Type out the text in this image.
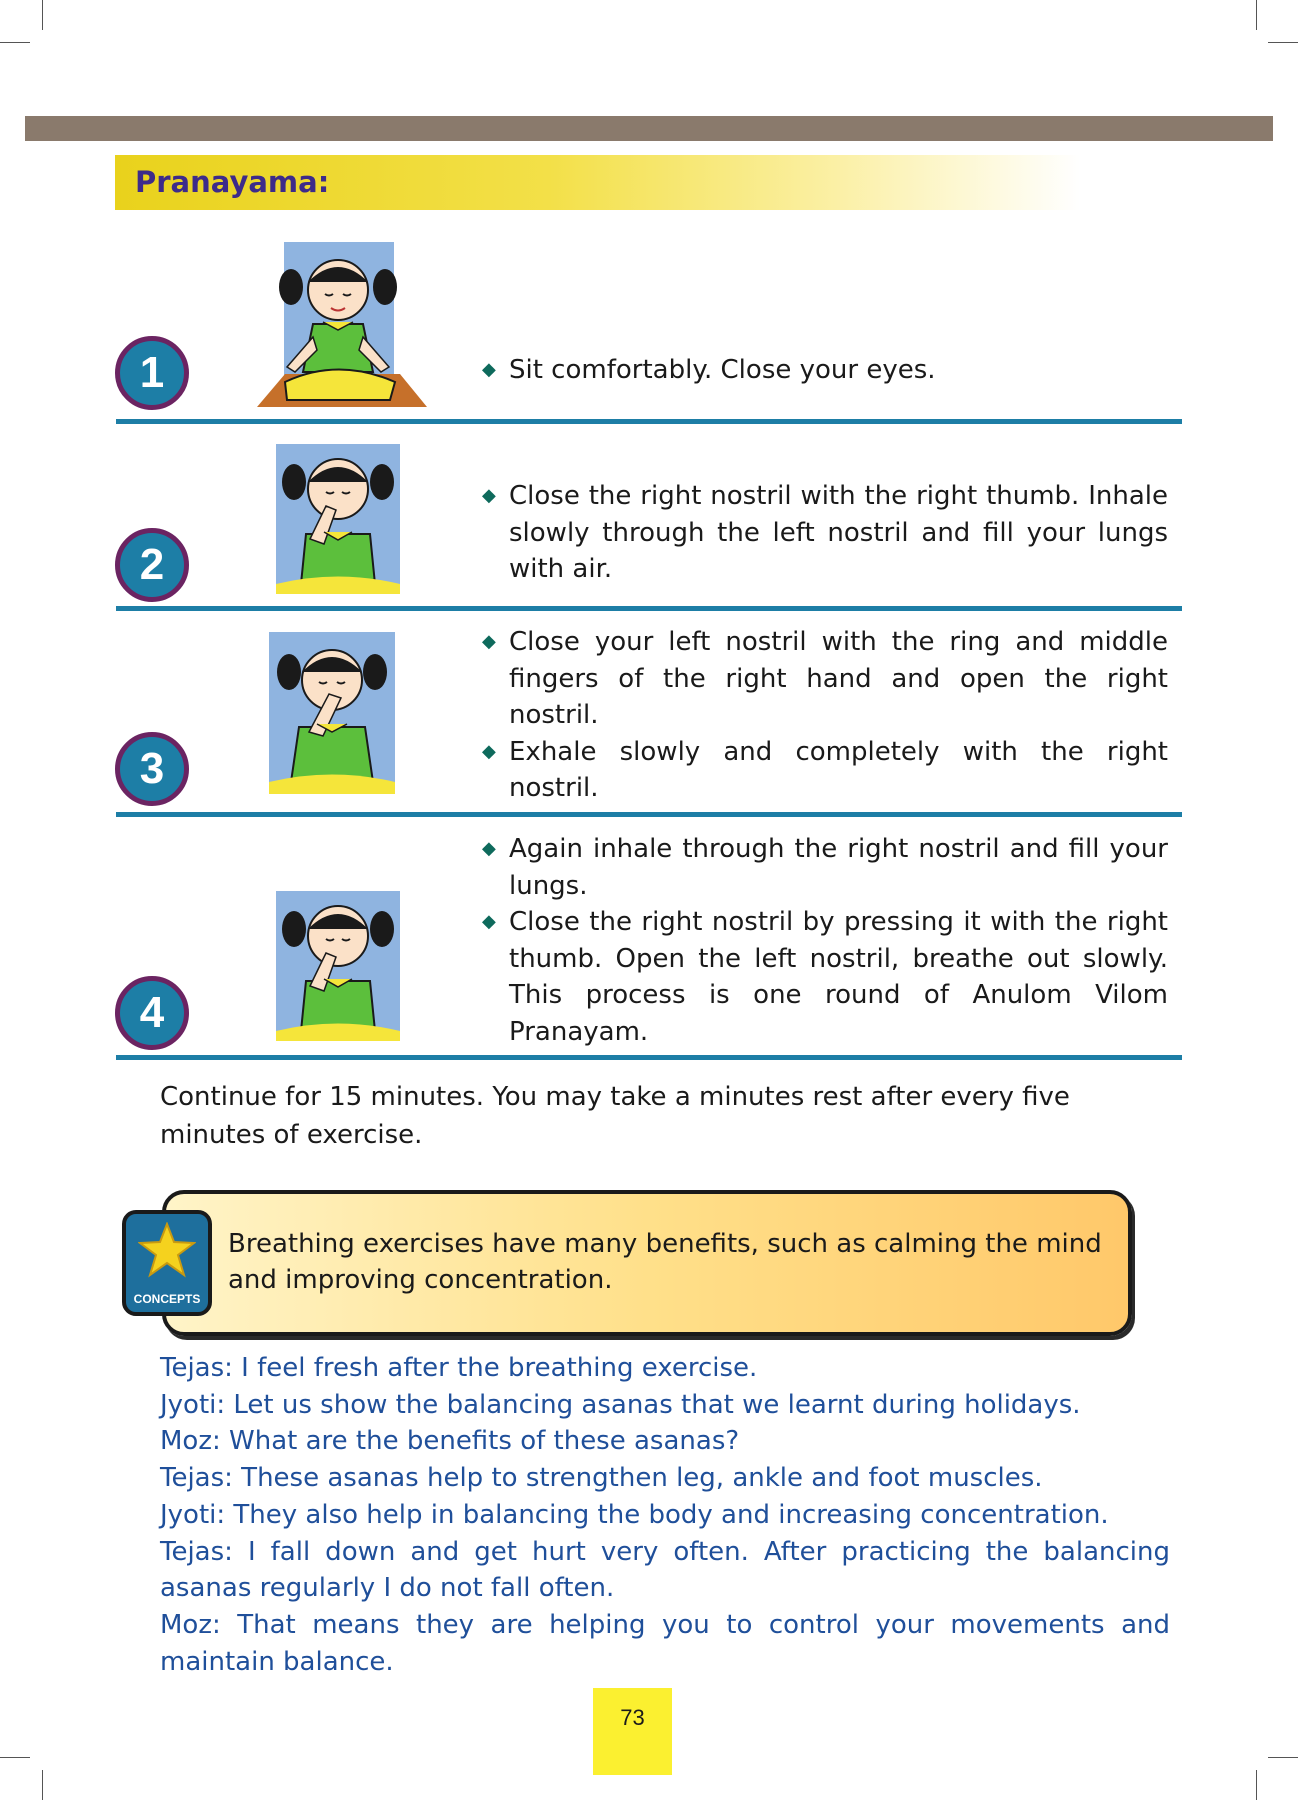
Pranayama:
1	◆ Sit comfortably. Close your eyes.
2
◆ Close the right nostril with the right thumb. Inhale slowly through the left nostril and fill your lungs with air.
3
◆ Close your left nostril with the ring and middle fingers of the right hand and open the right nostril.
◆ Exhale slowly and completely with the right nostril.
4
◆ Again inhale through the right nostril and fill your lungs.
◆ Close the right nostril by pressing it with the right thumb. Open the left nostril, breathe out slowly. This process is one round of Anulom Vilom Pranayam.
Continue for 15 minutes. You may take a minutes rest after every five minutes of exercise.
Breathing exercises have many benefits, such as calming the mind and improving concentration.
CONCEPTS

Tejas: I feel fresh after the breathing exercise.

Jyoti: Let us show the balancing asanas that we learnt during holidays.

Moz: What are the benefits of these asanas?

Tejas: These asanas help to strengthen leg, ankle and foot muscles.

Jyoti: They also help in balancing the body and increasing concentration.

Tejas: I fall down and get hurt very often. After practicing the balancing asanas regularly I do not fall often.

Moz: That means they are helping you to control your movements and maintain balance.

73
